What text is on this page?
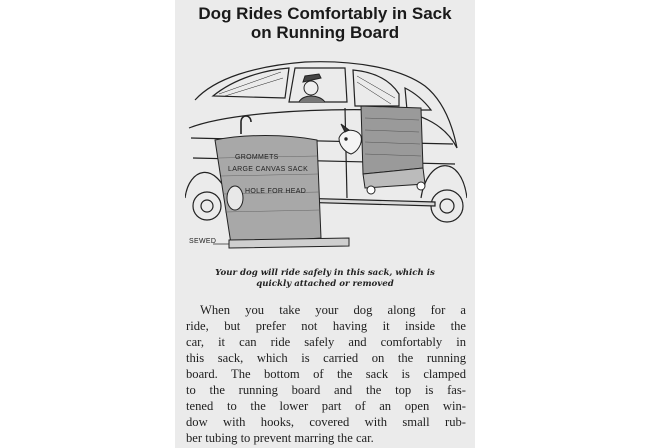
Dog Rides Comfortably in Sack
on Running Board
GROMMETS
LARGE CANVAS SACK
HOLE FOR HEAD
SEWED
Your dog will ride safely in this sack, which is
quickly attached or removed
When you take your dog along for a
ride, but prefer not having it inside the
car, it can ride safely and comfortably in
this sack, which is carried on the running
board. The bottom of the sack is clamped
to the running board and the top is fas-
tened to the lower part of an open win-
dow with hooks, covered with small rub-
ber tubing to prevent marring the car.
